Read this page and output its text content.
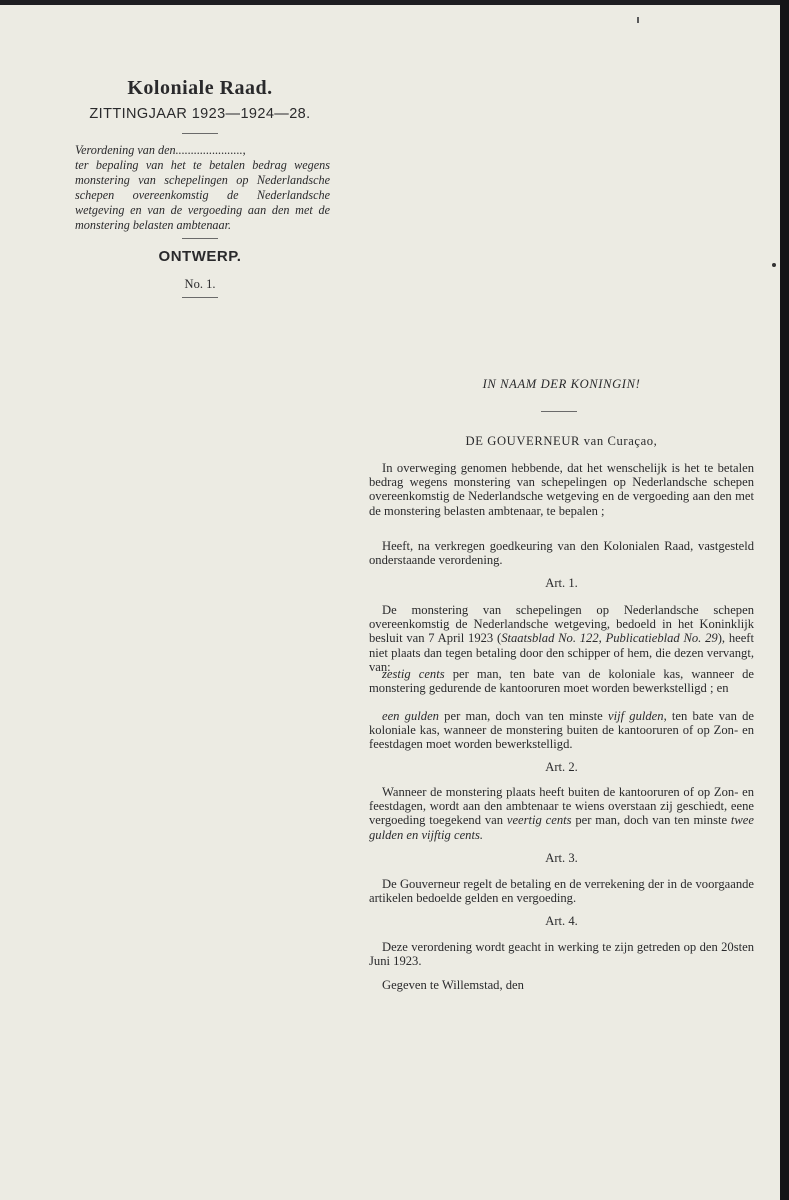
Koloniale Raad.
ZITTINGJAAR 1923—1924—28.
Verordening van den......................,
ter bepaling van het te betalen bedrag wegens monstering van schepelingen op Nederlandsche schepen overeenkomstig de Nederlandsche wetgeving en van de vergoeding aan den met de monstering belasten ambtenaar.
ONTWERP.
No. 1.
IN NAAM DER KONINGIN!
DE GOUVERNEUR van Curaçao,
In overweging genomen hebbende, dat het wenschelijk is het te betalen bedrag wegens monstering van schepelingen op Nederlandsche schepen overeenkomstig de Nederlandsche wetgeving en de vergoeding aan den met de monstering belasten ambtenaar, te bepalen ;
Heeft, na verkregen goedkeuring van den Kolonialen Raad, vastgesteld onderstaande verordening.
Art. 1.
De monstering van schepelingen op Nederlandsche schepen overeenkomstig de Nederlandsche wetgeving, bedoeld in het Koninklijk besluit van 7 April 1923 (Staatsblad No. 122, Publicatieblad No. 29), heeft niet plaats dan tegen betaling door den schipper of hem, die dezen vervangt, van:
zestig cents per man, ten bate van de koloniale kas, wanneer de monstering gedurende de kantooruren moet worden bewerkstelligd ; en
een gulden per man, doch van ten minste vijf gulden, ten bate van de koloniale kas, wanneer de monstering buiten de kantooruren of op Zon- en feestdagen moet worden bewerkstelligd.
Art. 2.
Wanneer de monstering plaats heeft buiten de kantooruren of op Zon- en feestdagen, wordt aan den ambtenaar te wiens overstaan zij geschiedt, eene vergoeding toegekend van veertig cents per man, doch van ten minste twee gulden en vijftig cents.
Art. 3.
De Gouverneur regelt de betaling en de verrekening der in de voorgaande artikelen bedoelde gelden en vergoeding.
Art. 4.
Deze verordening wordt geacht in werking te zijn getreden op den 20sten Juni 1923.
Gegeven te Willemstad, den
